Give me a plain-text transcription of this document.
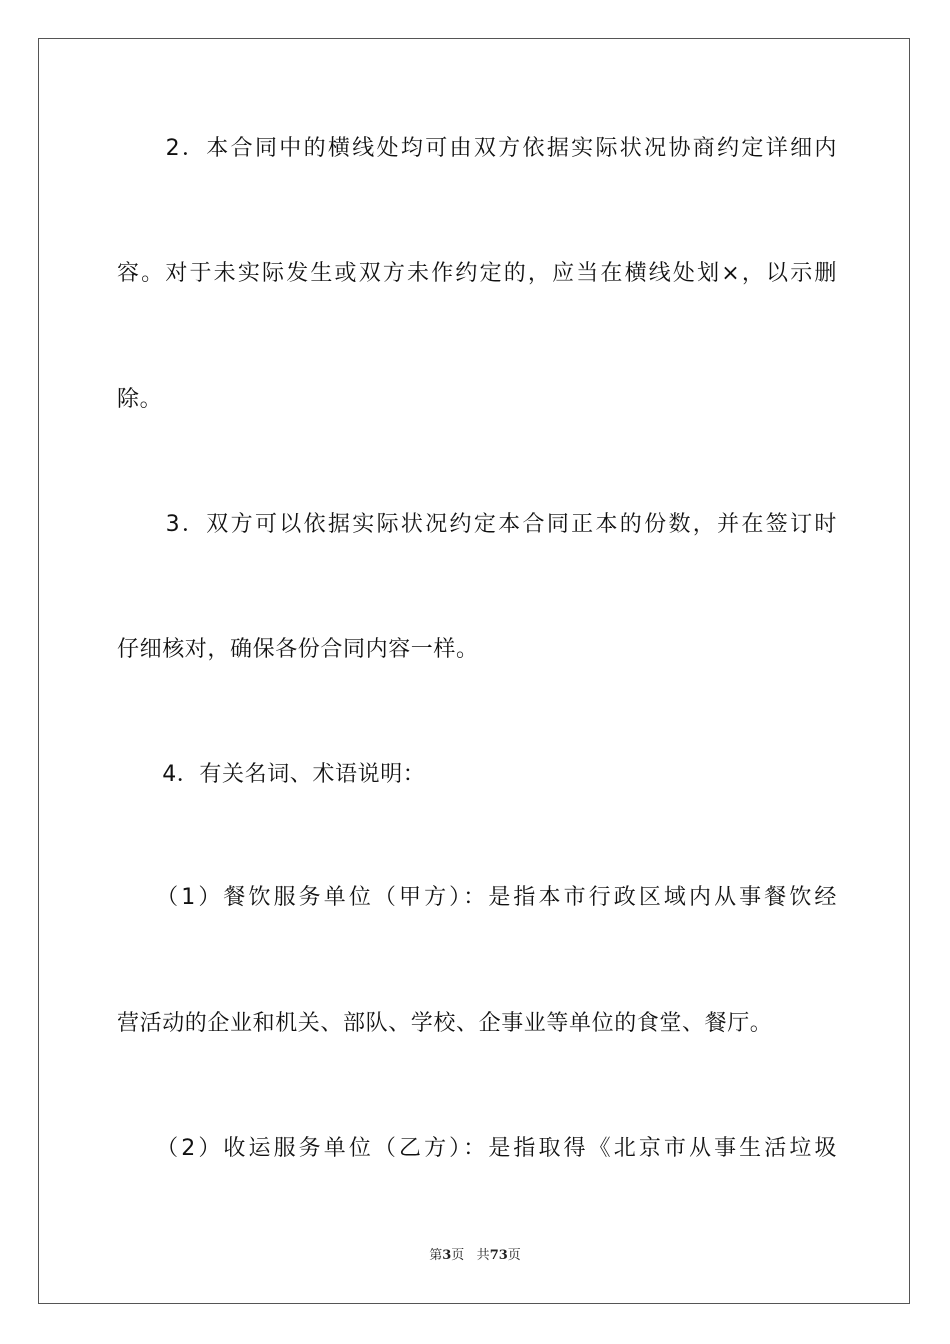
　　2．本合同中的横线处均可由双方依据实际状况协商约定详细内
容。对于未实际发生或双方未作约定的，应当在横线处划×，以示删
除。
　　3．双方可以依据实际状况约定本合同正本的份数，并在签订时
仔细核对，确保各份合同内容一样。
　　4．有关名词、术语说明：
　　（1）餐饮服务单位（甲方）：是指本市行政区域内从事餐饮经
营活动的企业和机关、部队、学校、企事业等单位的食堂、餐厅。
　　（2）收运服务单位（乙方）：是指取得《北京市从事生活垃圾
第3页 共73页
